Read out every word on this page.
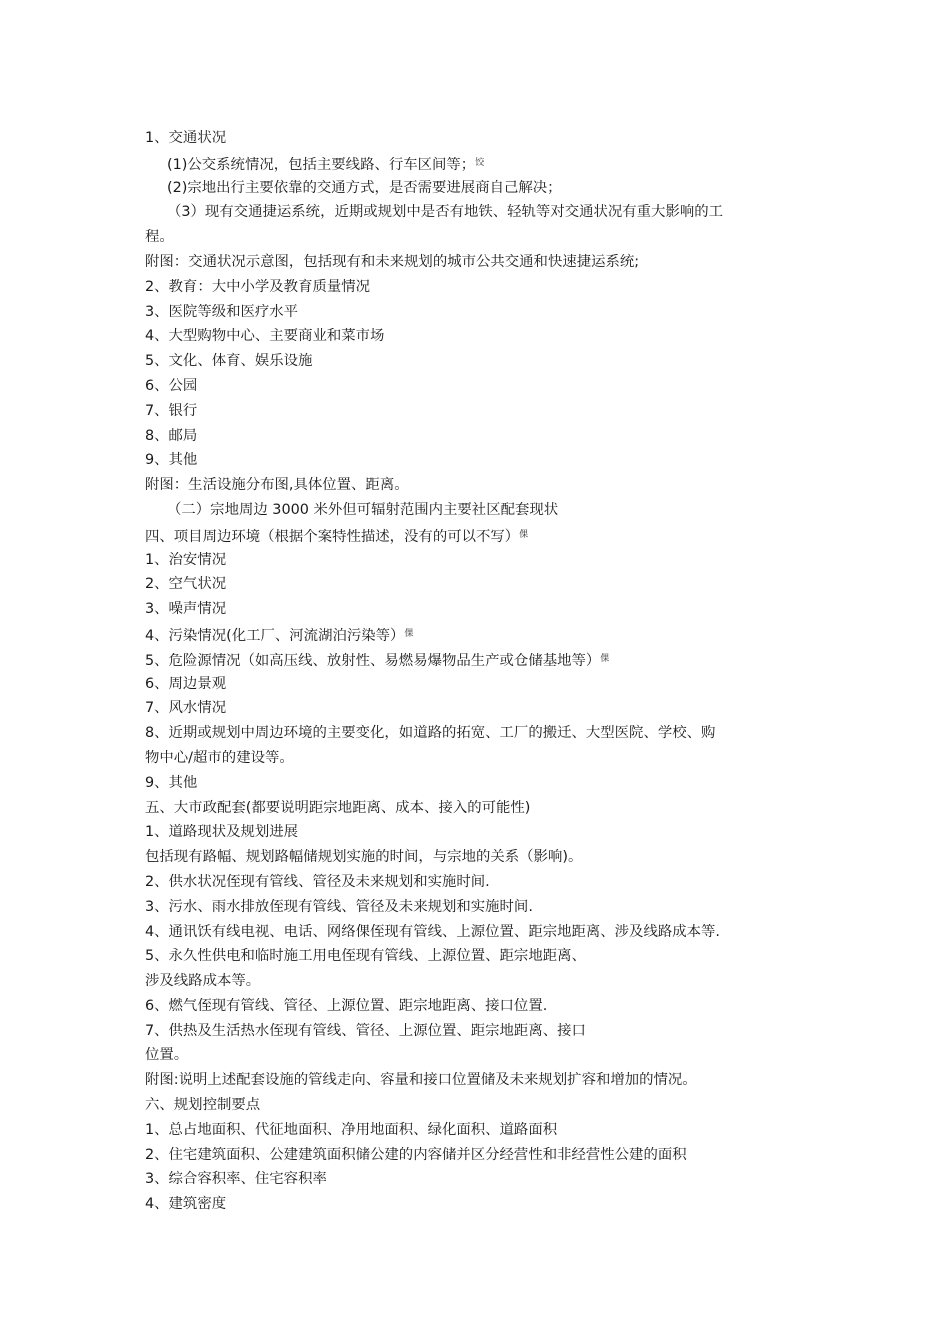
1、交通状况
(1)公交系统情况，包括主要线路、行车区间等；$^饺$
(2)宗地出行主要依靠的交通方式，是否需要进展商自己解决；
（3）现有交通捷运系统，近期或规划中是否有地铁、轻轨等对交通状况有重大影响的工
程。
附图：交通状况示意图，包括现有和未来规划的城市公共交通和快速捷运系统;
2、教育：大中小学及教育质量情况
3、医院等级和医疗水平
4、大型购物中心、主要商业和菜市场
5、文化、体育、娱乐设施
6、公园
7、银行
8、邮局
9、其他
附图：生活设施分布图,具体位置、距离。
（二）宗地周边 3000 米外但可辐射范围内主要社区配套现状
四、项目周边环境（根据个案特性描述，没有的可以不写）$^倮$
1、治安情况
2、空气状况
3、噪声情况
4、污染情况(化工厂、河流湖泊污染等）$^倮$
5、危险源情况（如高压线、放射性、易燃易爆物品生产或仓储基地等）$^倮$
6、周边景观
7、风水情况
8、近期或规划中周边环境的主要变化，如道路的拓宽、工厂的搬迁、大型医院、学校、购
物中心/超市的建设等。
9、其他
五、大市政配套(都要说明距宗地距离、成本、接入的可能性)
1、道路现状及规划进展
包括现有路幅、规划路幅储规划实施的时间，与宗地的关系（影响)。
2、供水状况侄现有管线、管径及未来规划和实施时间.
3、污水、雨水排放侄现有管线、管径及未来规划和实施时间.
4、通讯饫有线电视、电话、网络倮侄现有管线、上源位置、距宗地距离、涉及线路成本等.
5、永久性供电和临时施工用电侄现有管线、上源位置、距宗地距离、
涉及线路成本等。
6、燃气侄现有管线、管径、上源位置、距宗地距离、接口位置.
7、供热及生活热水侄现有管线、管径、上源位置、距宗地距离、接口
位置。
附图:说明上述配套设施的管线走向、容量和接口位置储及未来规划扩容和增加的情况。
六、规划控制要点
1、总占地面积、代征地面积、净用地面积、绿化面积、道路面积
2、住宅建筑面积、公建建筑面积储公建的内容储并区分经营性和非经营性公建的面积
3、综合容积率、住宅容积率
4、建筑密度
